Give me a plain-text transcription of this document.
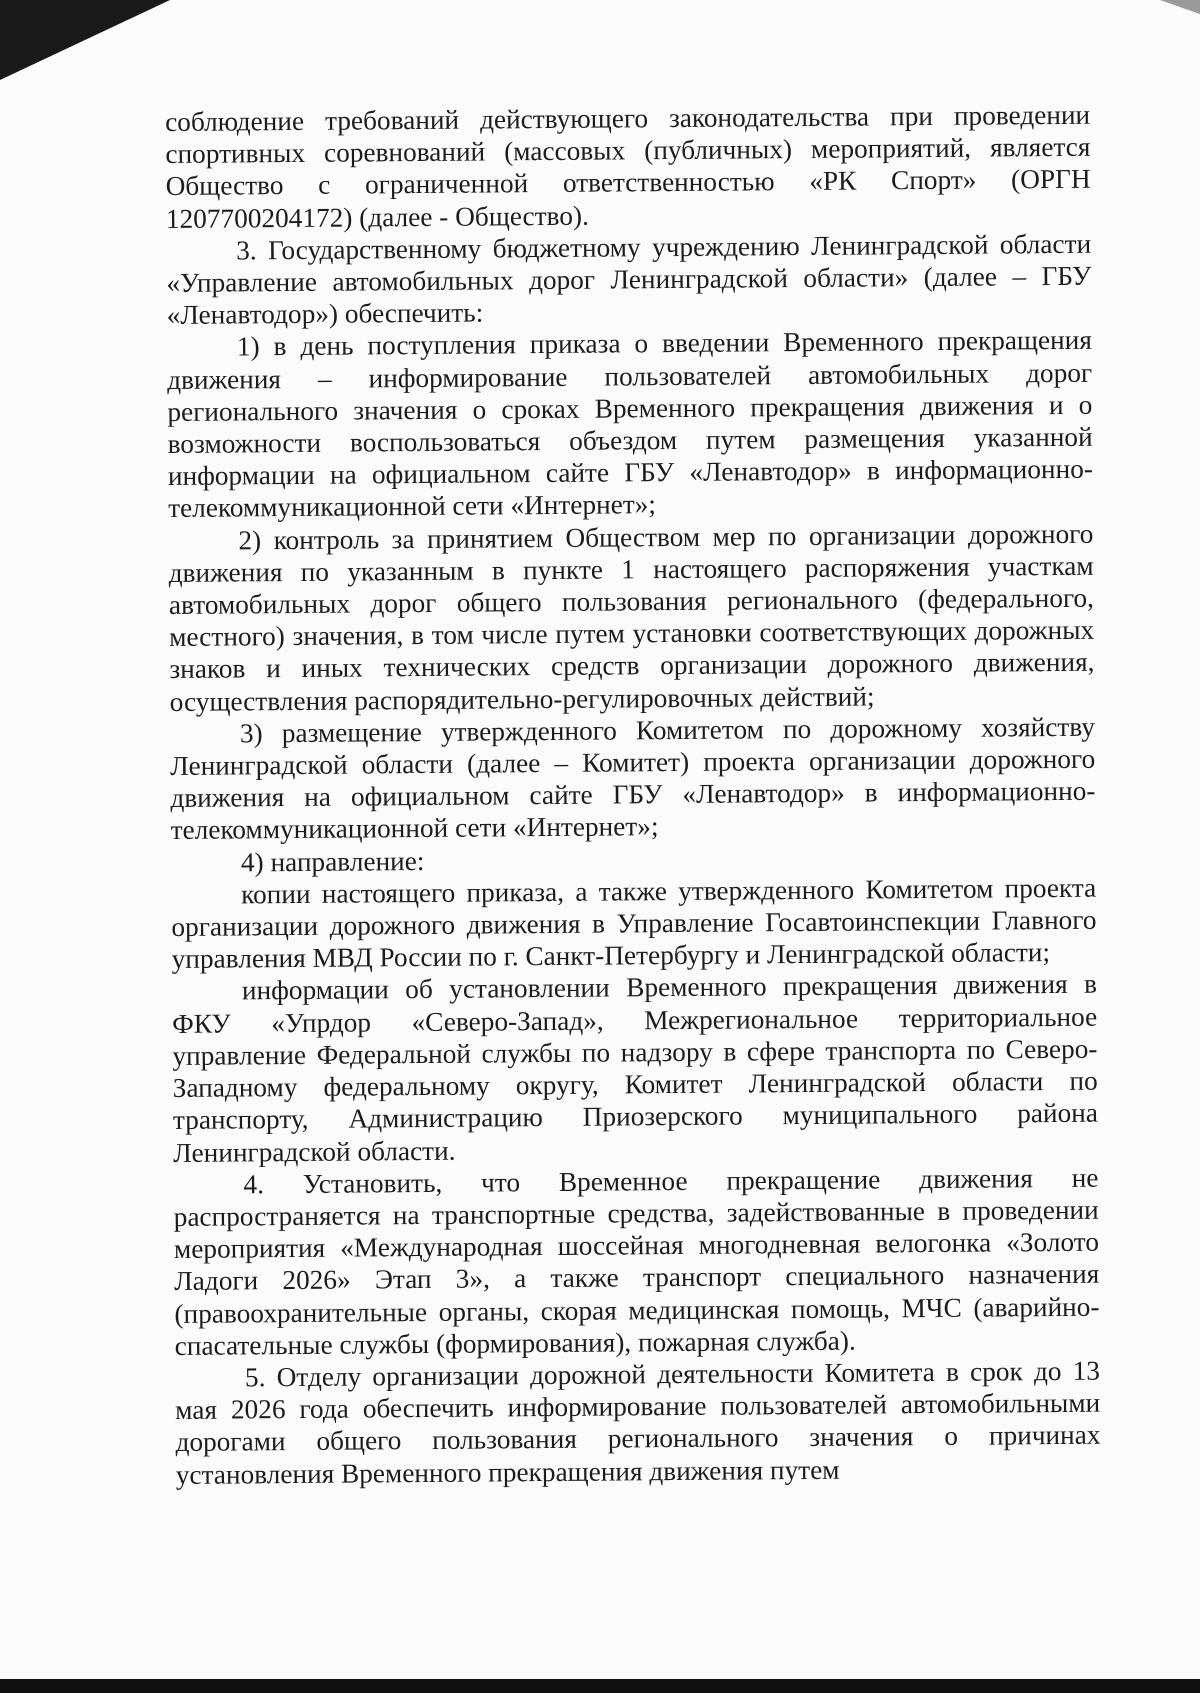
соблюдение требований действующего законодательства при проведении спортивных соревнований (массовых (публичных) мероприятий, является Общество с ограниченной ответственностью «РК Спорт» (ОРГН 1207700204172) (далее - Общество).

3. Государственному бюджетному учреждению Ленинградской области «Управление автомобильных дорог Ленинградской области» (далее – ГБУ «Ленавтодор») обеспечить:

1) в день поступления приказа о введении Временного прекращения движения – информирование пользователей автомобильных дорог регионального значения о сроках Временного прекращения движения и о возможности воспользоваться объездом путем размещения указанной информации на официальном сайте ГБУ «Ленавтодор» в информационно-телекоммуникационной сети «Интернет»;

2) контроль за принятием Обществом мер по организации дорожного движения по указанным в пункте 1 настоящего распоряжения участкам автомобильных дорог общего пользования регионального (федерального, местного) значения, в том числе путем установки соответствующих дорожных знаков и иных технических средств организации дорожного движения, осуществления распорядительно-регулировочных действий;

3) размещение утвержденного Комитетом по дорожному хозяйству Ленинградской области (далее – Комитет) проекта организации дорожного движения на официальном сайте ГБУ «Ленавтодор» в информационно-телекоммуникационной сети «Интернет»;

4) направление:

копии настоящего приказа, а также утвержденного Комитетом проекта организации дорожного движения в Управление Госавтоинспекции Главного управления МВД России по г. Санкт-Петербургу и Ленинградской области;

информации об установлении Временного прекращения движения в ФКУ «Упрдор «Северо-Запад», Межрегиональное территориальное управление Федеральной службы по надзору в сфере транспорта по Северо-Западному федеральному округу, Комитет Ленинградской области по транспорту, Администрацию Приозерского муниципального района Ленинградской области.

4. Установить, что Временное прекращение движения не распространяется на транспортные средства, задействованные в проведении мероприятия «Международная шоссейная многодневная велогонка «Золото Ладоги 2026» Этап 3», а также транспорт специального назначения (правоохранительные органы, скорая медицинская помощь, МЧС (аварийно-спасательные службы (формирования), пожарная служба).

5. Отделу организации дорожной деятельности Комитета в срок до 13 мая 2026 года обеспечить информирование пользователей автомобильными дорогами общего пользования регионального значения о причинах установления Временного прекращения движения путем
